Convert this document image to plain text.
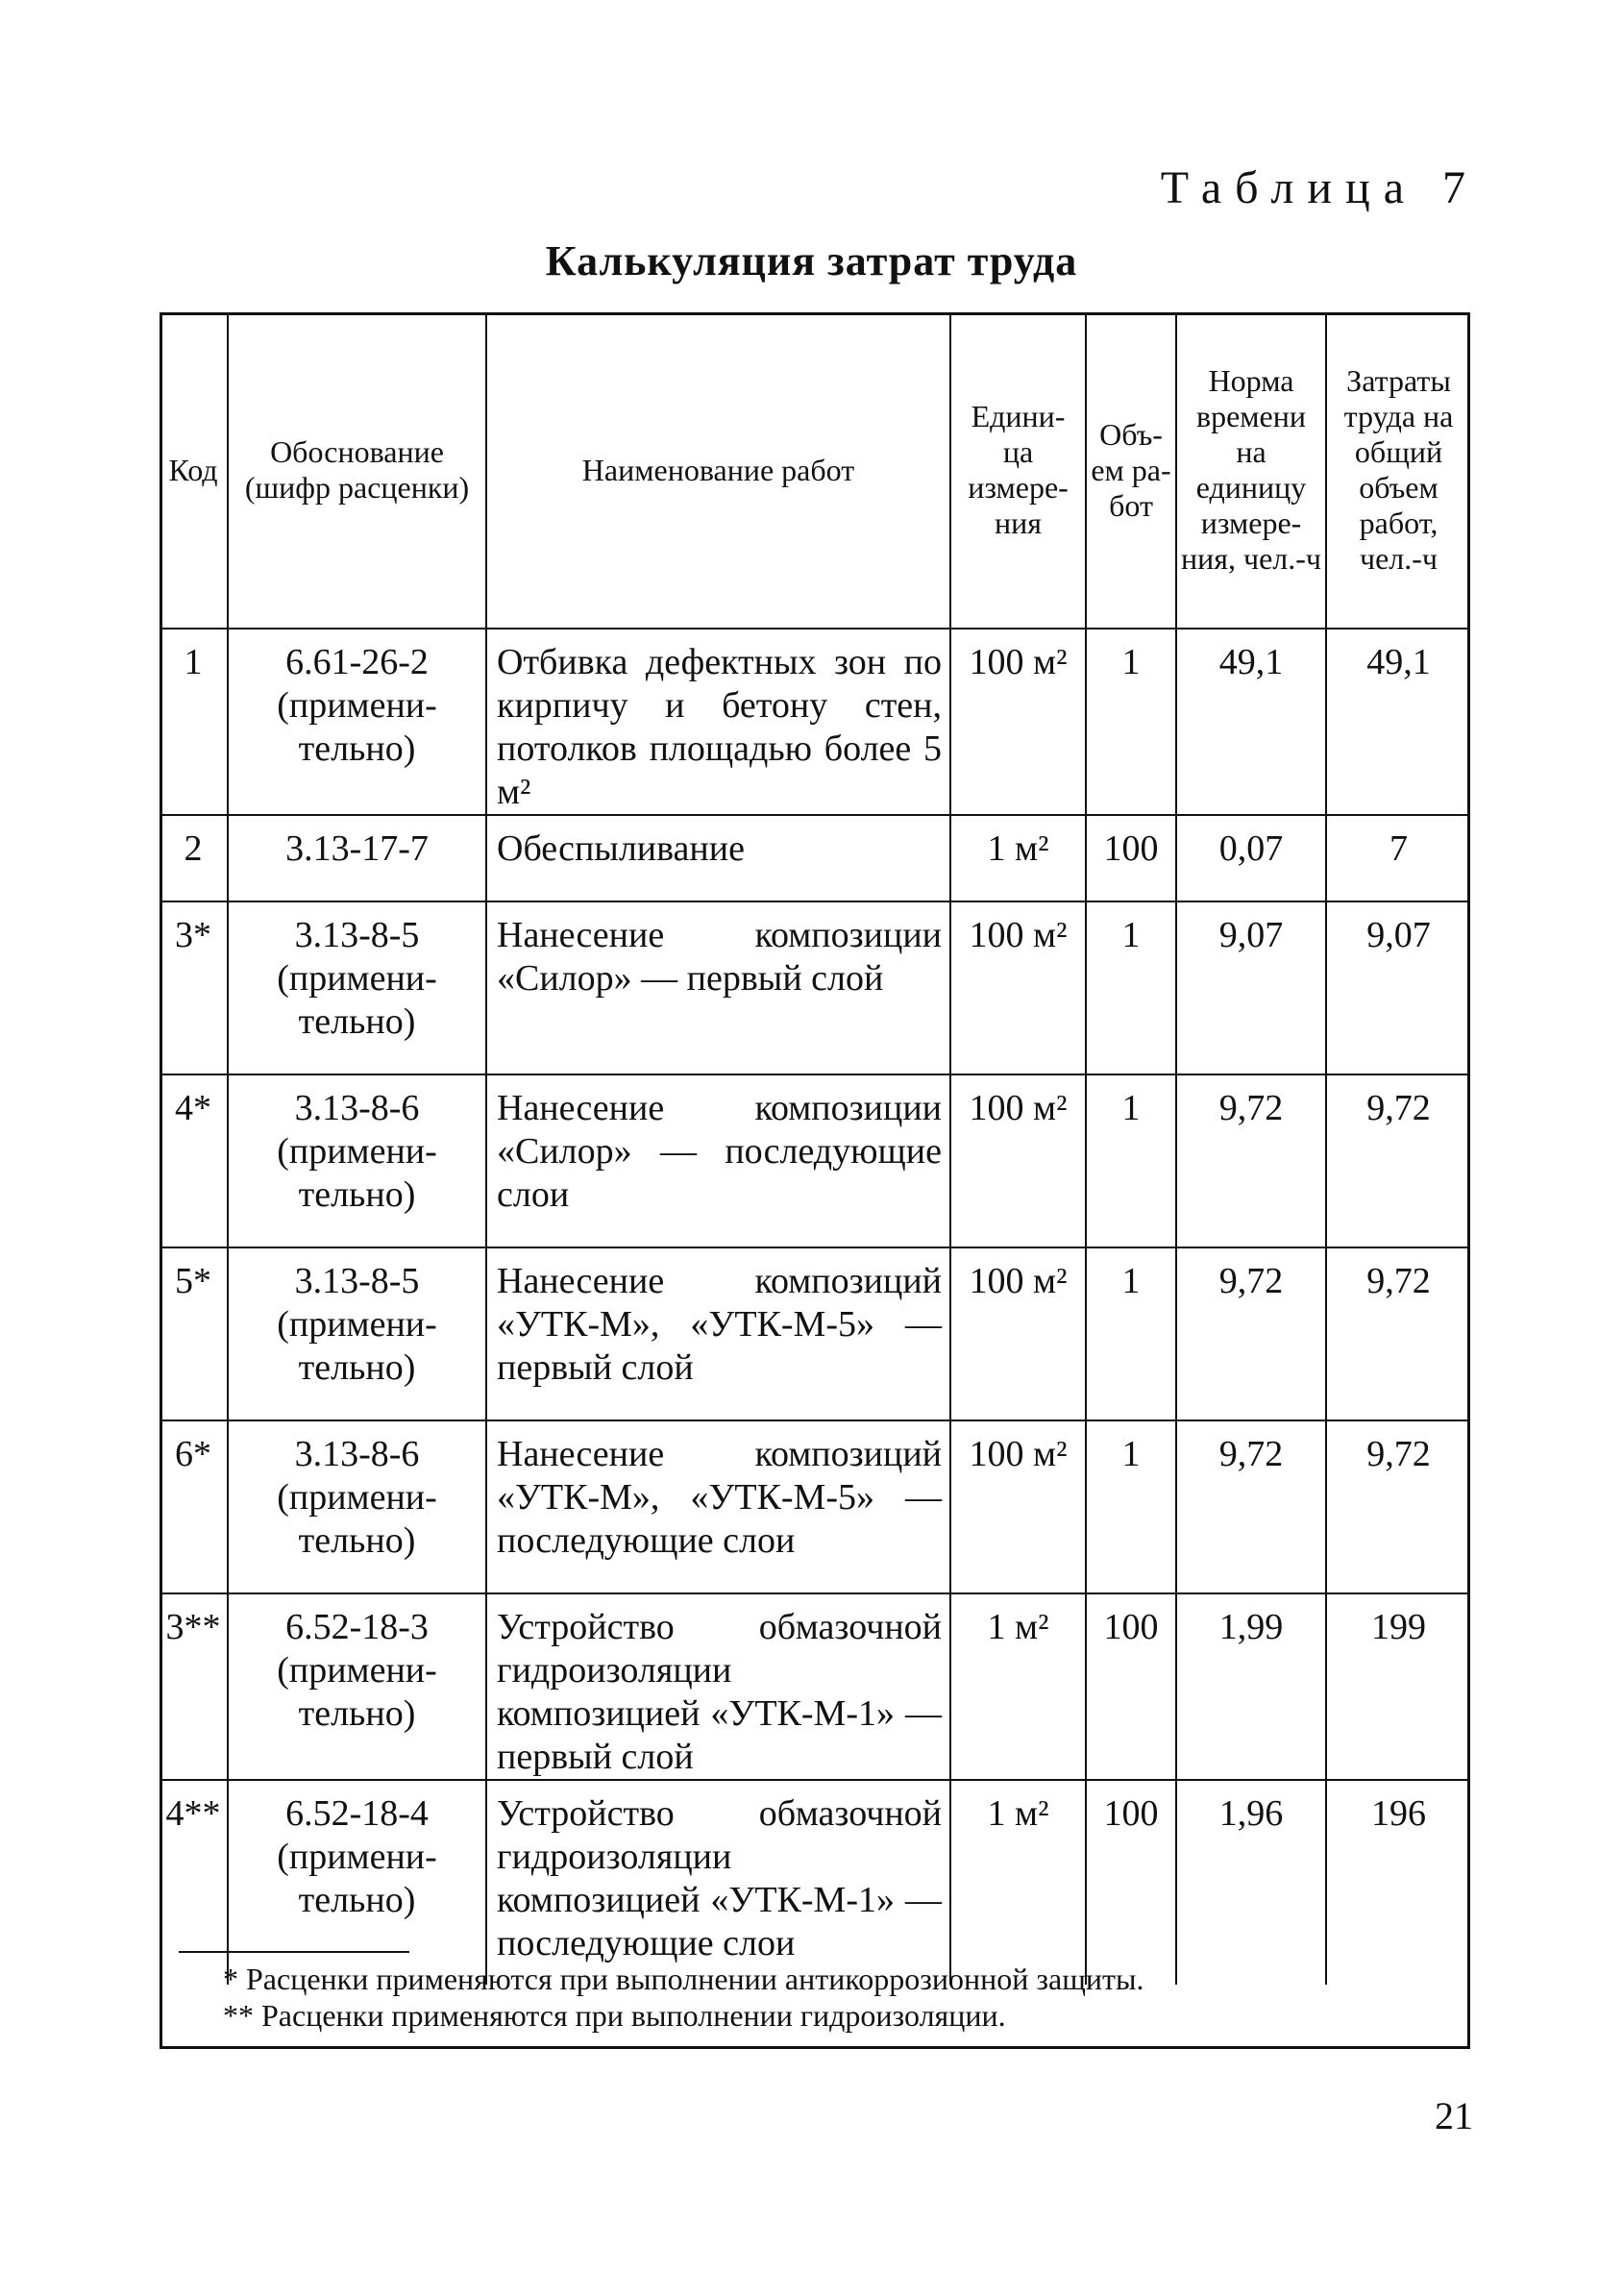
Таблица 7
Калькуляция затрат труда
Код	Обоснование (шифр расценки)	Наименование работ	Едини- ца измере- ния	Объ- ем ра- бот	Норма времени на единицу измере- ния, чел.-ч	Затраты труда на общий объем работ, чел.-ч
1	6.61-26-2 (примени- тельно)	Отбивка дефектных зон по кирпичу и бетону стен, потолков площадью более 5 м²	100 м²	1	49,1	49,1
2	3.13-17-7	Обеспыливание	1 м²	100	0,07	7
3*	3.13-8-5 (примени- тельно)	Нанесение композиции «Силор» — первый слой	100 м²	1	9,07	9,07
4*	3.13-8-6 (примени- тельно)	Нанесение композиции «Силор» — последующие слои	100 м²	1	9,72	9,72
5*	3.13-8-5 (примени- тельно)	Нанесение композиций «УТК-М», «УТК-М-5» — первый слой	100 м²	1	9,72	9,72
6*	3.13-8-6 (примени- тельно)	Нанесение композиций «УТК-М», «УТК-М-5» — последующие слои	100 м²	1	9,72	9,72
3**	6.52-18-3 (примени- тельно)	Устройство обмазочной гидроизоляции композицией «УТК-М-1» — первый слой	1 м²	100	1,99	199
4**	6.52-18-4 (примени- тельно)	Устройство обмазочной гидроизоляции композицией «УТК-М-1» — последующие слои	1 м²	100	1,96	196
* Расценки применяются при выполнении антикоррозионной защиты.
** Расценки применяются при выполнении гидроизоляции.
21
